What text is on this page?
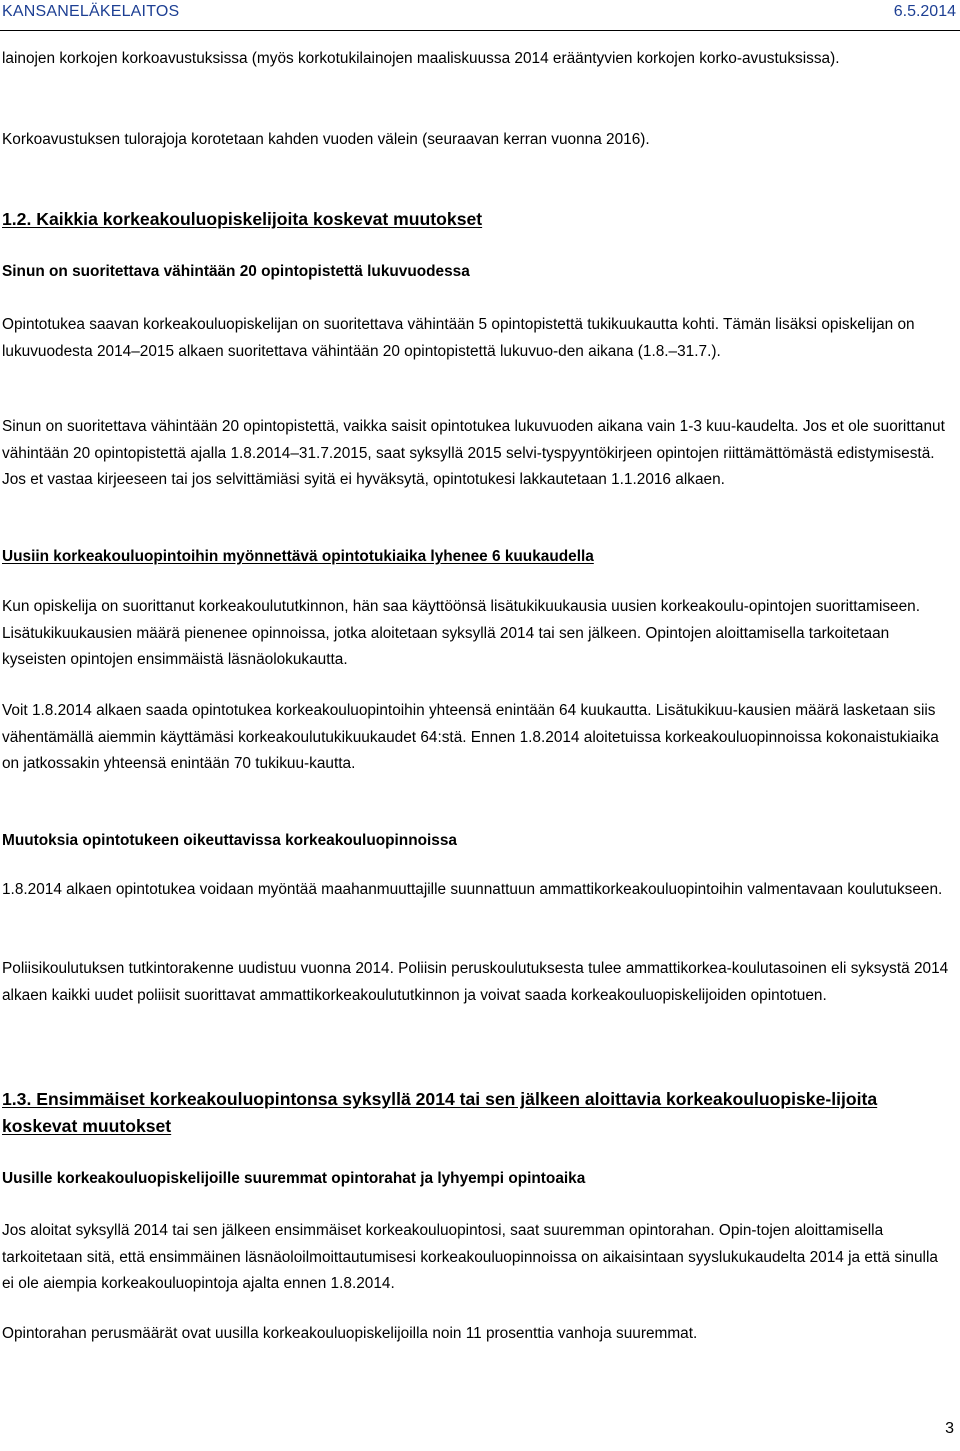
KANSANELÄKELAITOS	6.5.2014

lainojen korkojen korkoavustuksissa (myös korkotukilainojen maaliskuussa 2014 erääntyvien korkojen korko-avustuksissa).

Korkoavustuksen tulorajoja korotetaan kahden vuoden välein (seuraavan kerran vuonna 2016).

1.2. Kaikkia korkeakouluopiskelijoita koskevat muutokset

Sinun on suoritettava vähintään 20 opintopistettä lukuvuodessa

Opintotukea saavan korkeakouluopiskelijan on suoritettava vähintään 5 opintopistettä tukikuukautta kohti. Tämän lisäksi opiskelijan on lukuvuodesta 2014–2015 alkaen suoritettava vähintään 20 opintopistettä lukuvuo-den aikana (1.8.–31.7.).

Sinun on suoritettava vähintään 20 opintopistettä, vaikka saisit opintotukea lukuvuoden aikana vain 1-3 kuu-kaudelta. Jos et ole suorittanut vähintään 20 opintopistettä ajalla 1.8.2014–31.7.2015, saat syksyllä 2015 selvi-tyspyyntökirjeen opintojen riittämättömästä edistymisestä. Jos et vastaa kirjeeseen tai jos selvittämiäsi syitä ei hyväksytä, opintotukesi lakkautetaan 1.1.2016 alkaen.

Uusiin korkeakouluopintoihin myönnettävä opintotukiaika lyhenee 6 kuukaudella

Kun opiskelija on suorittanut korkeakoulututkinnon, hän saa käyttöönsä lisätukikuukausia uusien korkeakoulu-opintojen suorittamiseen. Lisätukikuukausien määrä pienenee opinnoissa, jotka aloitetaan syksyllä 2014 tai sen jälkeen. Opintojen aloittamisella tarkoitetaan kyseisten opintojen ensimmäistä läsnäolokukautta.

Voit 1.8.2014 alkaen saada opintotukea korkeakouluopintoihin yhteensä enintään 64 kuukautta. Lisätukikuu-kausien määrä lasketaan siis vähentämällä aiemmin käyttämäsi korkeakoulutukikuukaudet 64:stä. Ennen 1.8.2014 aloitetuissa korkeakouluopinnoissa kokonaistukiaika on jatkossakin yhteensä enintään 70 tukikuu-kautta.

Muutoksia opintotukeen oikeuttavissa korkeakouluopinnoissa

1.8.2014 alkaen opintotukea voidaan myöntää maahanmuuttajille suunnattuun ammattikorkeakouluopintoihin valmentavaan koulutukseen.

Poliisikoulutuksen tutkintorakenne uudistuu vuonna 2014. Poliisin peruskoulutuksesta tulee ammattikorkea-koulutasoinen eli syksystä 2014 alkaen kaikki uudet poliisit suorittavat ammattikorkeakoulututkinnon ja voivat saada korkeakouluopiskelijoiden opintotuen.

1.3. Ensimmäiset korkeakouluopintonsa syksyllä 2014 tai sen jälkeen aloittavia korkeakouluopiske-lijoita koskevat muutokset

Uusille korkeakouluopiskelijoille suuremmat opintorahat ja lyhyempi opintoaika

Jos aloitat syksyllä 2014 tai sen jälkeen ensimmäiset korkeakouluopintosi, saat suuremman opintorahan. Opin-tojen aloittamisella tarkoitetaan sitä, että ensimmäinen läsnäoloilmoittautumisesi korkeakouluopinnoissa on aikaisintaan syyslukukaudelta 2014 ja että sinulla ei ole aiempia korkeakouluopintoja ajalta ennen 1.8.2014.

Opintorahan perusmäärät ovat uusilla korkeakouluopiskelijoilla noin 11 prosenttia vanhoja suuremmat.

3
